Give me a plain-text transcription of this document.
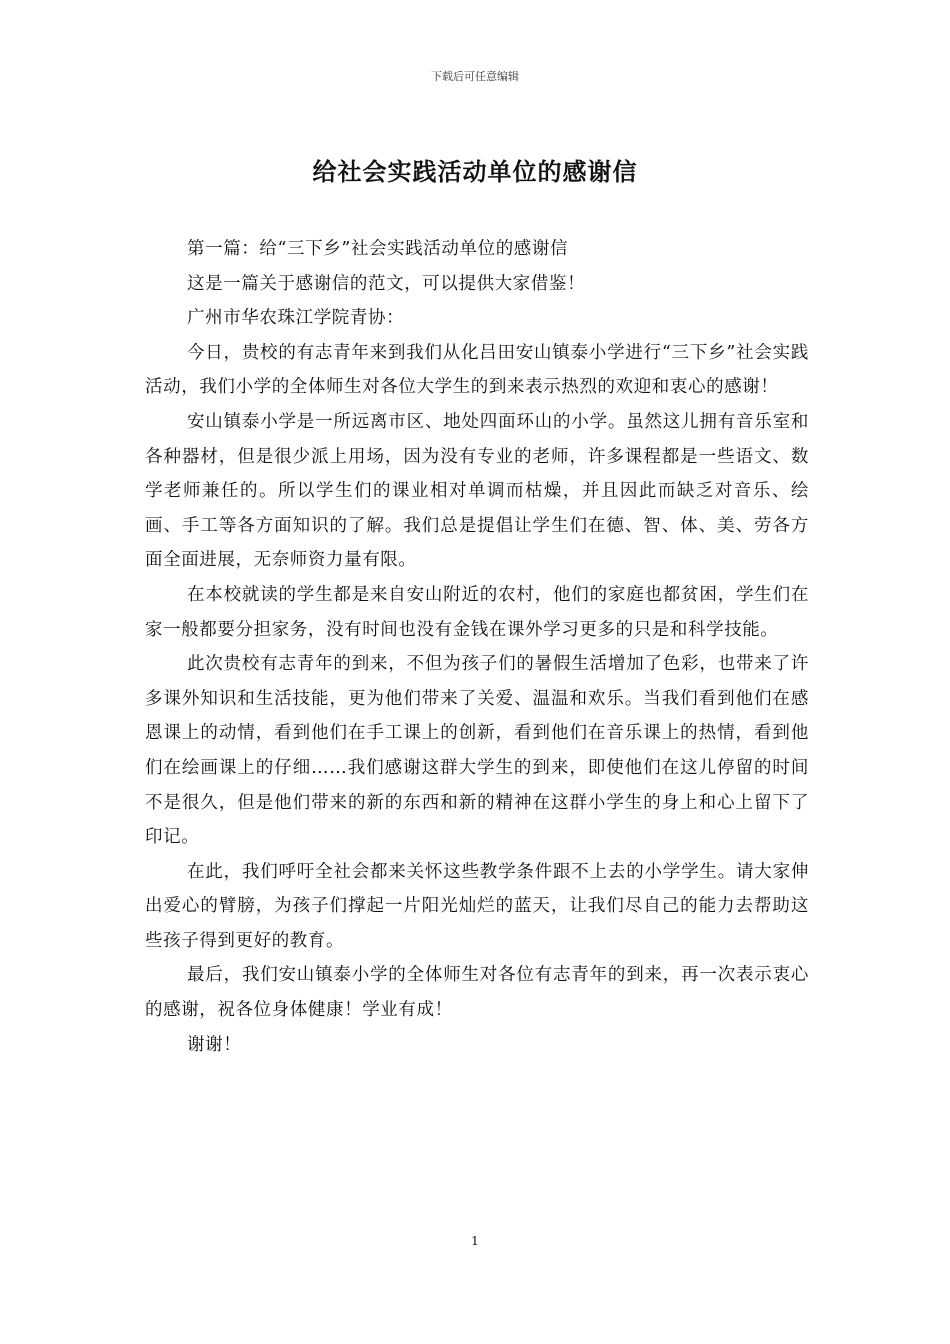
下载后可任意编辑
给社会实践活动单位的感谢信

第一篇：给“三下乡”社会实践活动单位的感谢信

这是一篇关于感谢信的范文，可以提供大家借鉴！

广州市华农珠江学院青协：

今日，贵校的有志青年来到我们从化吕田安山镇泰小学进行“三下乡”社会实践活动，我们小学的全体师生对各位大学生的到来表示热烈的欢迎和衷心的感谢！

安山镇泰小学是一所远离市区、地处四面环山的小学。虽然这儿拥有音乐室和各种器材，但是很少派上用场，因为没有专业的老师，许多课程都是一些语文、数学老师兼任的。所以学生们的课业相对单调而枯燥，并且因此而缺乏对音乐、绘画、手工等各方面知识的了解。我们总是提倡让学生们在德、智、体、美、劳各方面全面进展，无奈师资力量有限。

在本校就读的学生都是来自安山附近的农村，他们的家庭也都贫困，学生们在家一般都要分担家务，没有时间也没有金钱在课外学习更多的只是和科学技能。

此次贵校有志青年的到来，不但为孩子们的暑假生活增加了色彩，也带来了许多课外知识和生活技能，更为他们带来了关爱、温温和欢乐。当我们看到他们在感恩课上的动情，看到他们在手工课上的创新，看到他们在音乐课上的热情，看到他们在绘画课上的仔细……我们感谢这群大学生的到来，即使他们在这儿停留的时间不是很久，但是他们带来的新的东西和新的精神在这群小学生的身上和心上留下了印记。

在此，我们呼吁全社会都来关怀这些教学条件跟不上去的小学学生。请大家伸出爱心的臂膀，为孩子们撑起一片阳光灿烂的蓝天，让我们尽自己的能力去帮助这些孩子得到更好的教育。

最后，我们安山镇泰小学的全体师生对各位有志青年的到来，再一次表示衷心的感谢，祝各位身体健康！学业有成！

谢谢！

1
